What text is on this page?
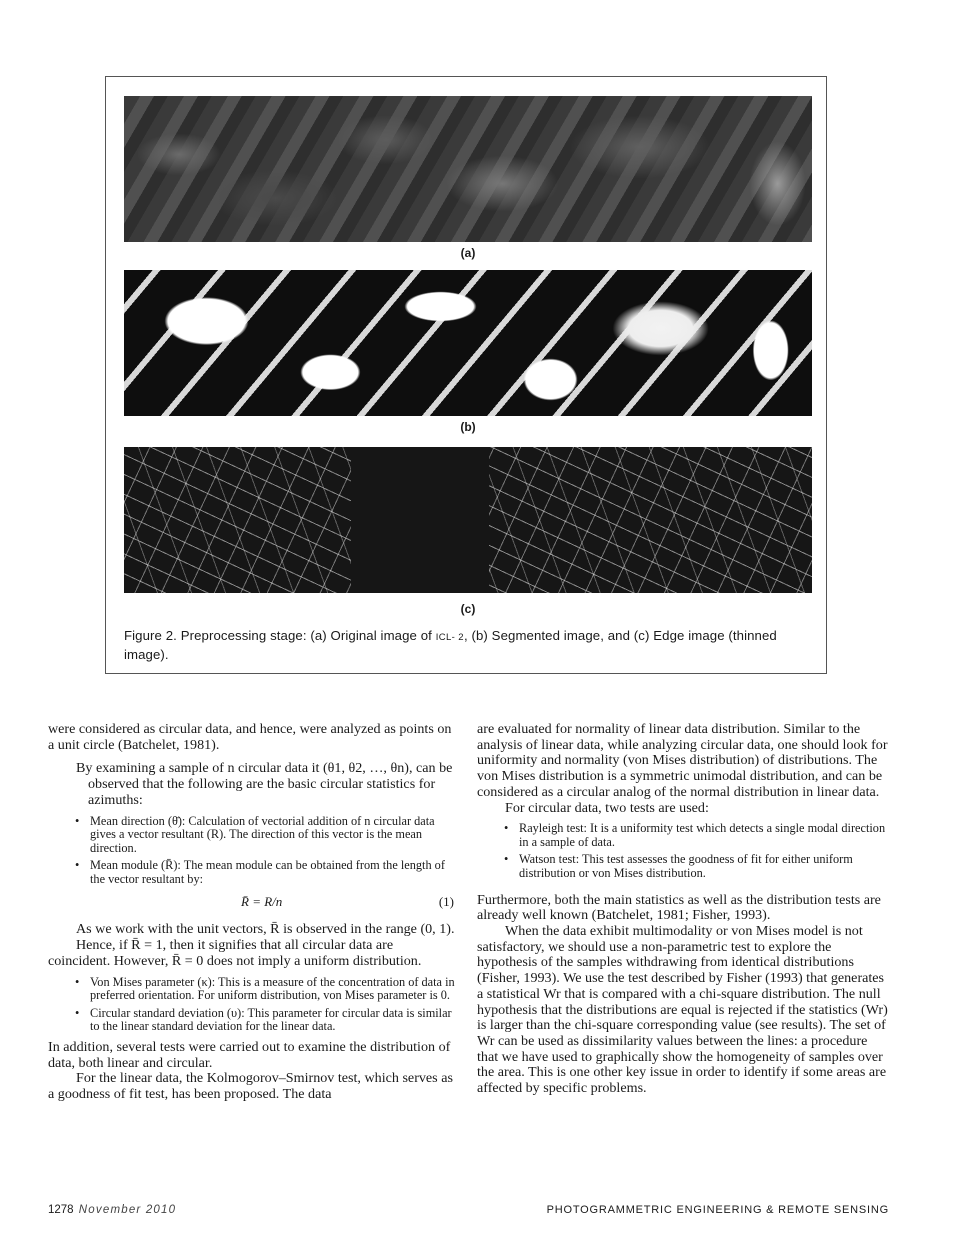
(a)
(b)
(c)
Figure 2. Preprocessing stage: (a) Original image of ICL- 2, (b) Segmented image, and (c) Edge image (thinned image).

were considered as circular data, and hence, were analyzed as points on a unit circle (Batchelet, 1981).

By examining a sample of n circular data it (θ1, θ2, …, θn), can be observed that the following are the basic circular statistics for azimuths:

• Mean direction (θ̄): Calculation of vectorial addition of n circular data gives a vector resultant (R). The direction of this vector is the mean direction.
• Mean module (R̄): The mean module can be obtained from the length of the vector resultant by:
R̄ = R/n	(1)

As we work with the unit vectors, R̄ is observed in the range (0, 1).

Hence, if R̄ = 1, then it signifies that all circular data are coincident. However, R̄ = 0 does not imply a uniform distribution.

• Von Mises parameter (κ): This is a measure of the concentration of data in preferred orientation. For uniform distribution, von Mises parameter is 0.
• Circular standard deviation (υ): This parameter for circular data is similar to the linear standard deviation for the linear data.

In addition, several tests were carried out to examine the distribution of data, both linear and circular.

For the linear data, the Kolmogorov–Smirnov test, which serves as a goodness of fit test, has been proposed. The data

are evaluated for normality of linear data distribution. Similar to the analysis of linear data, while analyzing circular data, one should look for uniformity and normality (von Mises distribution) of distributions. The von Mises distribution is a symmetric unimodal distribution, and can be considered as a circular analog of the normal distribution in linear data.

For circular data, two tests are used:

• Rayleigh test: It is a uniformity test which detects a single modal direction in a sample of data.
• Watson test: This test assesses the goodness of fit for either uniform distribution or von Mises distribution.

Furthermore, both the main statistics as well as the distribution tests are already well known (Batchelet, 1981; Fisher, 1993).

When the data exhibit multimodality or von Mises model is not satisfactory, we should use a non-parametric test to explore the hypothesis of the samples withdrawing from identical distributions (Fisher, 1993). We use the test described by Fisher (1993) that generates a statistical Wr that is compared with a chi-square distribution. The null hypothesis that the distributions are equal is rejected if the statistics (Wr) is larger than the chi-square corresponding value (see results). The set of Wr can be used as dissimilarity values between the lines: a procedure that we have used to graphically show the homogeneity of samples over the area. This is one other key issue in order to identify if some areas are affected by specific problems.

1278 November 2010	PHOTOGRAMMETRIC ENGINEERING & REMOTE SENSING
